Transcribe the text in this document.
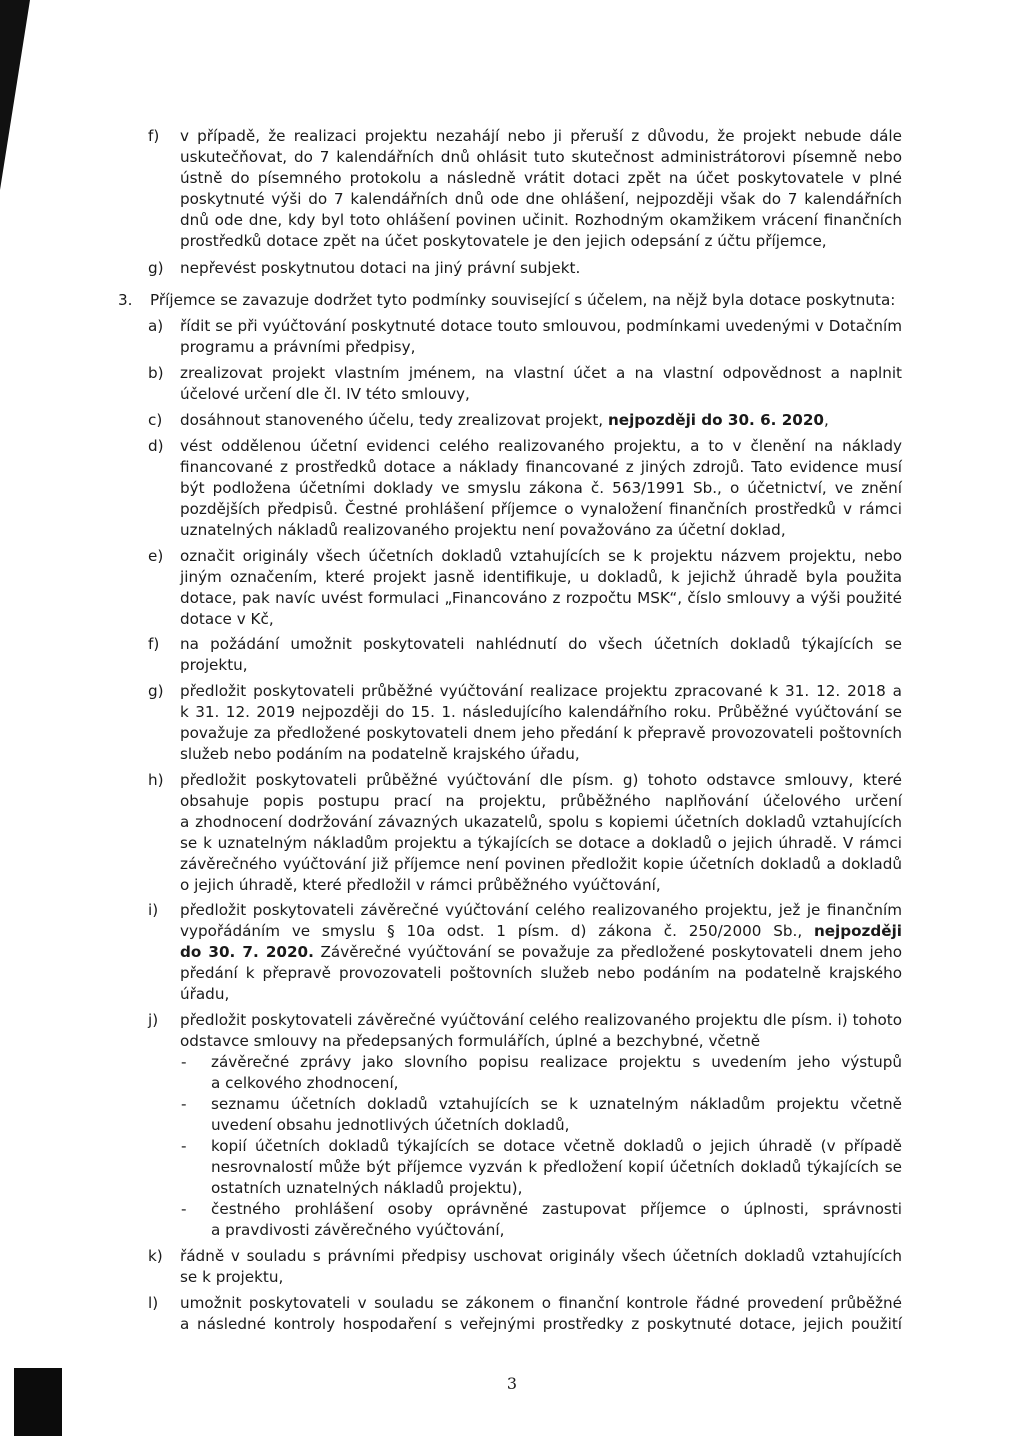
f) v případě, že realizaci projektu nezahájí nebo ji přeruší z důvodu, že projekt nebude dále

uskutečňovat, do 7 kalendářních dnů ohlásit tuto skutečnost administrátorovi písemně nebo

ústně do písemného protokolu a následně vrátit dotaci zpět na účet poskytovatele v plné

poskytnuté výši do 7 kalendářních dnů ode dne ohlášení, nejpozději však do 7 kalendářních

dnů ode dne, kdy byl toto ohlášení povinen učinit. Rozhodným okamžikem vrácení finančních

prostředků dotace zpět na účet poskytovatele je den jejich odepsání z účtu příjemce,

g) nepřevést poskytnutou dotaci na jiný právní subjekt.

3. Příjemce se zavazuje dodržet tyto podmínky související s účelem, na nějž byla dotace poskytnuta:

a) řídit se při vyúčtování poskytnuté dotace touto smlouvou, podmínkami uvedenými v Dotačním

programu a právními předpisy,

b) zrealizovat projekt vlastním jménem, na vlastní účet a na vlastní odpovědnost a naplnit

účelové určení dle čl. IV této smlouvy,

c) dosáhnout stanoveného účelu, tedy zrealizovat projekt, nejpozději do 30. 6. 2020,

d) vést oddělenou účetní evidenci celého realizovaného projektu, a to v členění na náklady

financované z prostředků dotace a náklady financované z jiných zdrojů. Tato evidence musí

být podložena účetními doklady ve smyslu zákona č. 563/1991 Sb., o účetnictví, ve znění

pozdějších předpisů. Čestné prohlášení příjemce o vynaložení finančních prostředků v rámci

uznatelných nákladů realizovaného projektu není považováno za účetní doklad,

e) označit originály všech účetních dokladů vztahujících se k projektu názvem projektu, nebo

jiným označením, které projekt jasně identifikuje, u dokladů, k jejichž úhradě byla použita

dotace, pak navíc uvést formulaci „Financováno z rozpočtu MSK“, číslo smlouvy a výši použité

dotace v Kč,

f) na požádání umožnit poskytovateli nahlédnutí do všech účetních dokladů týkajících se

projektu,

g) předložit poskytovateli průběžné vyúčtování realizace projektu zpracované k 31. 12. 2018 a

k 31. 12. 2019 nejpozději do 15. 1. následujícího kalendářního roku. Průběžné vyúčtování se

považuje za předložené poskytovateli dnem jeho předání k přepravě provozovateli poštovních

služeb nebo podáním na podatelně krajského úřadu,

h) předložit poskytovateli průběžné vyúčtování dle písm. g) tohoto odstavce smlouvy, které

obsahuje popis postupu prací na projektu, průběžného naplňování účelového určení

a zhodnocení dodržování závazných ukazatelů, spolu s kopiemi účetních dokladů vztahujících

se k uznatelným nákladům projektu a týkajících se dotace a dokladů o jejich úhradě. V rámci

závěrečného vyúčtování již příjemce není povinen předložit kopie účetních dokladů a dokladů

o jejich úhradě, které předložil v rámci průběžného vyúčtování,

i) předložit poskytovateli závěrečné vyúčtování celého realizovaného projektu, jež je finančním

vypořádáním ve smyslu § 10a odst. 1 písm. d) zákona č. 250/2000 Sb., nejpozději

do 30. 7. 2020. Závěrečné vyúčtování se považuje za předložené poskytovateli dnem jeho

předání k přepravě provozovateli poštovních služeb nebo podáním na podatelně krajského

úřadu,

j) předložit poskytovateli závěrečné vyúčtování celého realizovaného projektu dle písm. i) tohoto

odstavce smlouvy na předepsaných formulářích, úplné a bezchybné, včetně

- závěrečné zprávy jako slovního popisu realizace projektu s uvedením jeho výstupů

a celkového zhodnocení,

- seznamu účetních dokladů vztahujících se k uznatelným nákladům projektu včetně

uvedení obsahu jednotlivých účetních dokladů,

- kopií účetních dokladů týkajících se dotace včetně dokladů o jejich úhradě (v případě

nesrovnalostí může být příjemce vyzván k předložení kopií účetních dokladů týkajících se

ostatních uznatelných nákladů projektu),

- čestného prohlášení osoby oprávněné zastupovat příjemce o úplnosti, správnosti

a pravdivosti závěrečného vyúčtování,

k) řádně v souladu s právními předpisy uschovat originály všech účetních dokladů vztahujících

se k projektu,

l) umožnit poskytovateli v souladu se zákonem o finanční kontrole řádné provedení průběžné

a následné kontroly hospodaření s veřejnými prostředky z poskytnuté dotace, jejich použití

3
